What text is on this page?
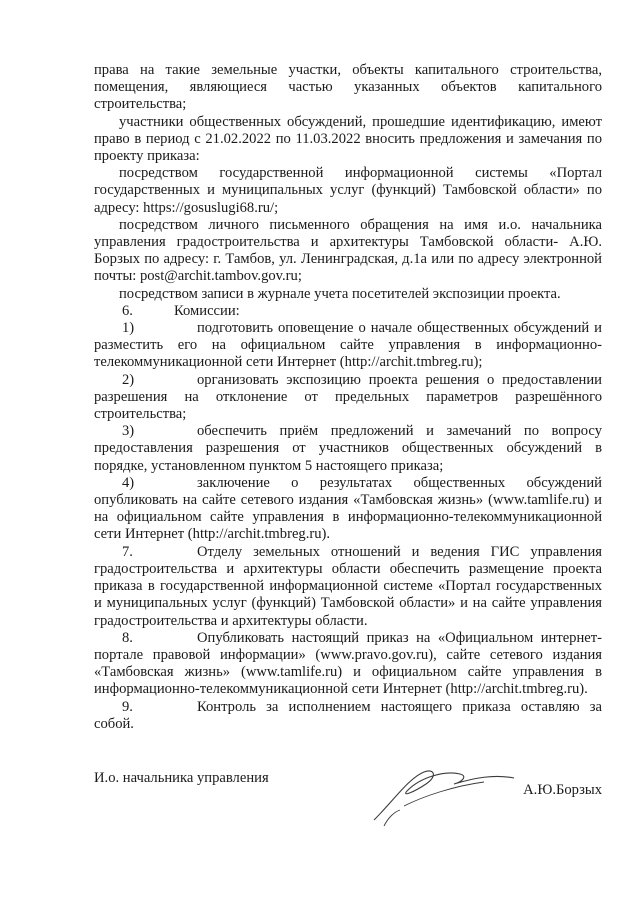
права на такие земельные участки, объекты капитального строительства, помещения, являющиеся частью указанных объектов капитального строительства;

участники общественных обсуждений, прошедшие идентификацию, имеют право в период с 21.02.2022 по 11.03.2022 вносить предложения и замечания по проекту приказа:

посредством государственной информационной системы «Портал государственных и муниципальных услуг (функций) Тамбовской области» по адресу: https://gosuslugi68.ru/;

посредством личного письменного обращения на имя и.о. начальника управления градостроительства и архитектуры Тамбовской области- А.Ю. Борзых по адресу: г. Тамбов, ул. Ленинградская, д.1а или по адресу электронной почты: post@archit.tambov.gov.ru;

посредством записи в журнале учета посетителей экспозиции проекта.

6.	Комиссии:

1)	подготовить оповещение о начале общественных обсуждений и разместить его на официальном сайте управления в информационно-телекоммуникационной сети Интернет (http://archit.tmbreg.ru);

2)	организовать экспозицию проекта решения о предоставлении разрешения на отклонение от предельных параметров разрешённого строительства;

3)	обеспечить приём предложений и замечаний по вопросу предоставления разрешения от участников общественных обсуждений в порядке, установленном пунктом 5 настоящего приказа;

4)	заключение о результатах общественных обсуждений опубликовать на сайте сетевого издания «Тамбовская жизнь» (www.tamlife.ru) и на официальном сайте управления в информационно-телекоммуникационной сети Интернет (http://archit.tmbreg.ru).

7.	Отделу земельных отношений и ведения ГИС управления градостроительства и архитектуры области обеспечить размещение проекта приказа в государственной информационной системе «Портал государственных и муниципальных услуг (функций) Тамбовской области» и на сайте управления градостроительства и архитектуры области.

8.	Опубликовать настоящий приказ на «Официальном интернет-портале правовой информации» (www.pravo.gov.ru), сайте сетевого издания «Тамбовская жизнь» (www.tamlife.ru) и официальном сайте управления в информационно-телекоммуникационной сети Интернет (http://archit.tmbreg.ru).

9.	Контроль за исполнением настоящего приказа оставляю за собой.

И.о. начальника управления
А.Ю.Борзых
